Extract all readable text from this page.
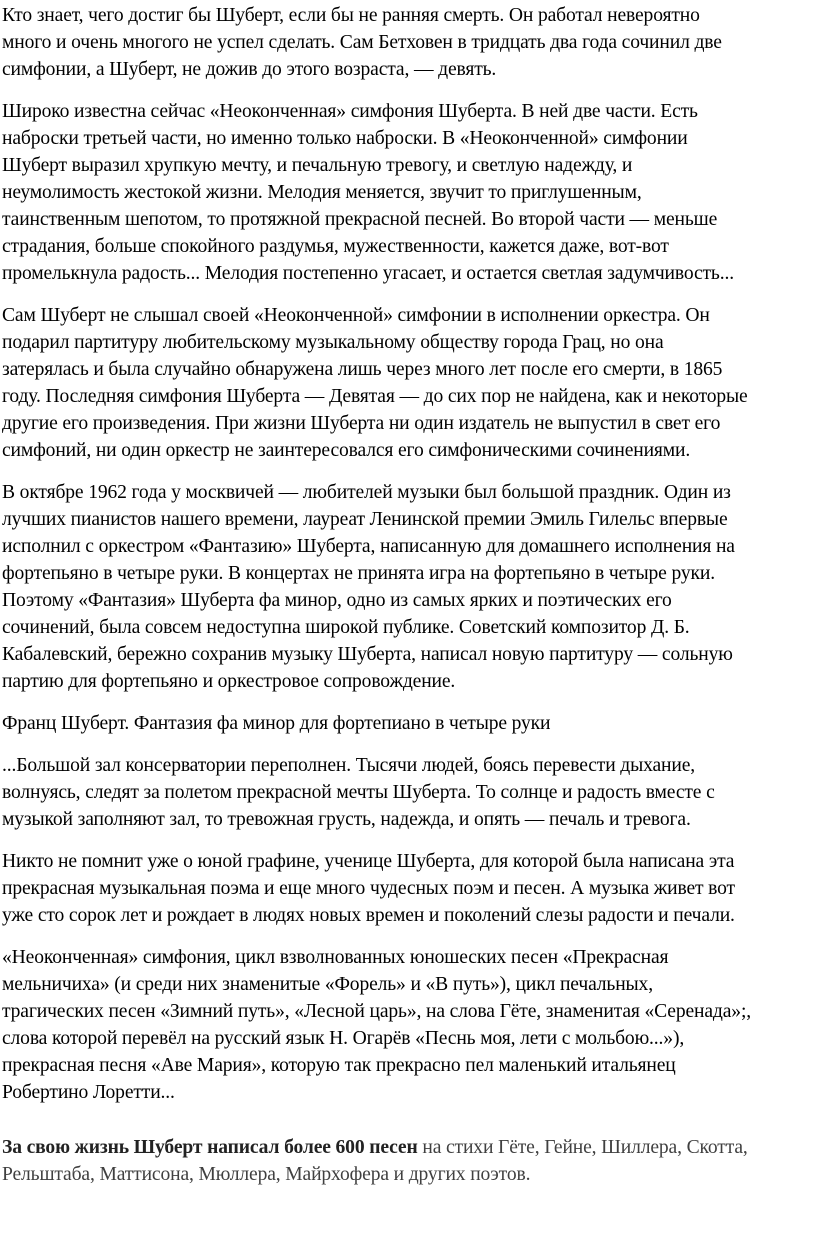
Кто знает, чего достиг бы Шуберт, если бы не ранняя смерть. Он работал невероятно
много и очень многого не успел сделать. Сам Бетховен в тридцать два года сочинил две
симфонии, а Шуберт, не дожив до этого возраста, — девять.

Широко известна сейчас «Неоконченная» симфония Шуберта. В ней две части. Есть
наброски третьей части, но именно только наброски. В «Неоконченной» симфонии
Шуберт выразил хрупкую мечту, и печальную тревогу, и светлую надежду, и
неумолимость жестокой жизни. Мелодия меняется, звучит то приглушенным,
таинственным шепотом, то протяжной прекрасной песней. Во второй части — меньше
страдания, больше спокойного раздумья, мужественности, кажется даже, вот-вот
промелькнула радость... Мелодия постепенно угасает, и остается светлая задумчивость...

Сам Шуберт не слышал своей «Неоконченной» симфонии в исполнении оркестра. Он
подарил партитуру любительскому музыкальному обществу города Грац, но она
затерялась и была случайно обнаружена лишь через много лет после его смерти, в 1865
году. Последняя симфония Шуберта — Девятая — до сих пор не найдена, как и некоторые
другие его произведения. При жизни Шуберта ни один издатель не выпустил в свет его
симфоний, ни один оркестр не заинтересовался его симфоническими сочинениями.

В октябре 1962 года у москвичей — любителей музыки был большой праздник. Один из
лучших пианистов нашего времени, лауреат Ленинской премии Эмиль Гилельс впервые
исполнил с оркестром «Фантазию» Шуберта, написанную для домашнего исполнения на
фортепьяно в четыре руки. В концертах не принята игра на фортепьяно в четыре руки.
Поэтому «Фантазия» Шуберта фа минор, одно из самых ярких и поэтических его
сочинений, была совсем недоступна широкой публике. Советский композитор Д. Б.
Кабалевский, бережно сохранив музыку Шуберта, написал новую партитуру — сольную
партию для фортепьяно и оркестровое сопровождение.

Франц Шуберт. Фантазия фа минор для фортепиано в четыре руки

...Большой зал консерватории переполнен. Тысячи людей, боясь перевести дыхание,
волнуясь, следят за полетом прекрасной мечты Шуберта. То солнце и радость вместе с
музыкой заполняют зал, то тревожная грусть, надежда, и опять — печаль и тревога.

Никто не помнит уже о юной графине, ученице Шуберта, для которой была написана эта
прекрасная музыкальная поэма и еще много чудесных поэм и песен. А музыка живет вот
уже сто сорок лет и рождает в людях новых времен и поколений слезы радости и печали.

«Неоконченная» симфония, цикл взволнованных юношеских песен «Прекрасная
мельничиха» (и среди них знаменитые «Форель» и «В путь»), цикл печальных,
трагических песен «Зимний путь», «Лесной царь», на слова Гёте, знаменитая «Серенада»;,
слова которой перевёл на русский язык Н. Огарёв «Песнь моя, лети с мольбою...»),
прекрасная песня «Аве Мария», которую так прекрасно пел маленький итальянец
Робертино Лоретти...

За свою жизнь Шуберт написал более 600 песен на стихи Гёте, Гейне, Шиллера, Скотта,
Рельштаба, Маттисона, Мюллера, Майрхофера и других поэтов.
